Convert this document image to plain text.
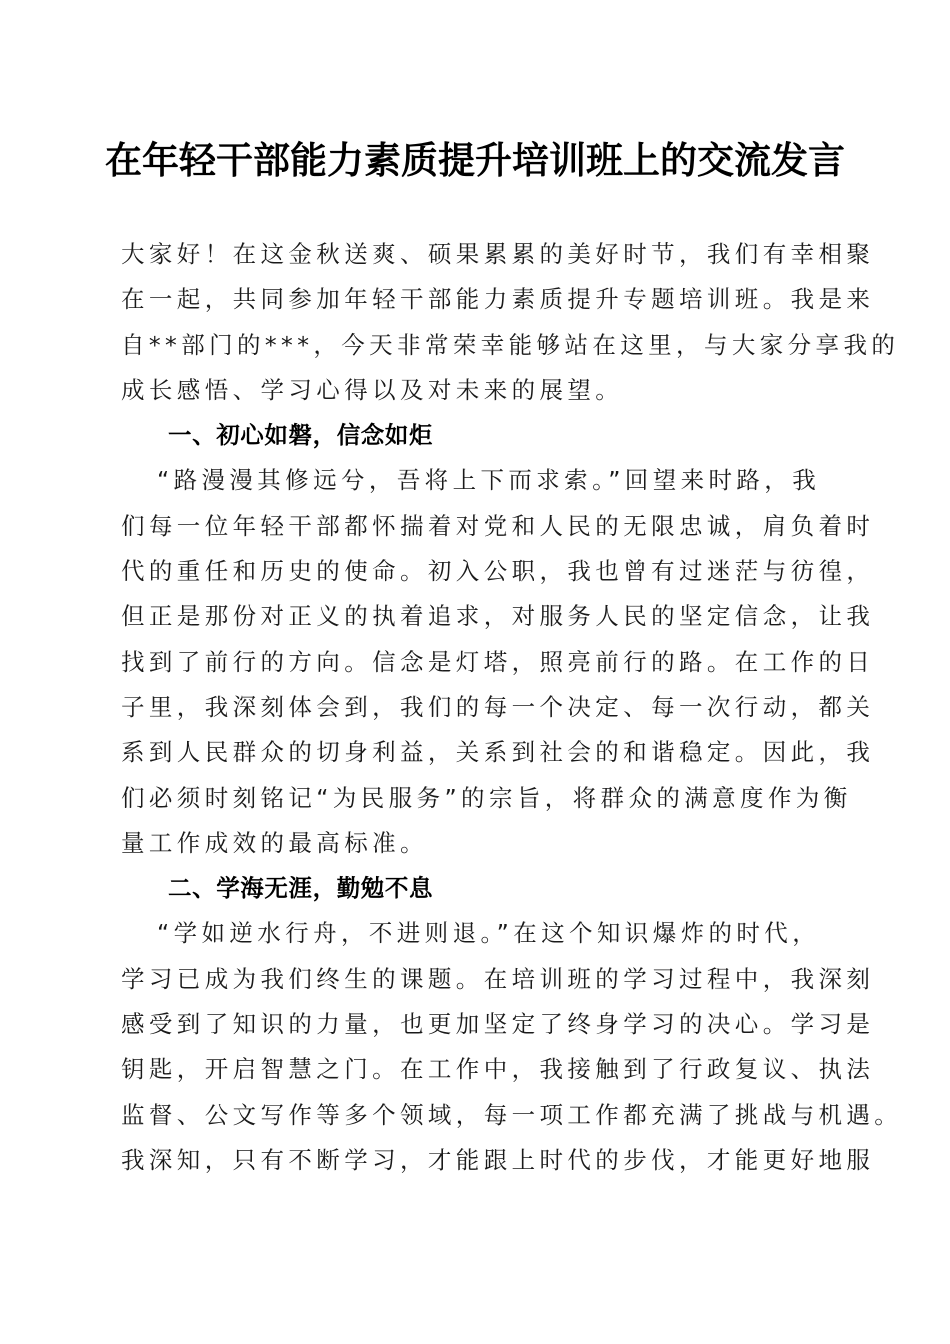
在年轻干部能力素质提升培训班上的交流发言
大家好！在这金秋送爽、硕果累累的美好时节，我们有幸相聚
在一起，共同参加年轻干部能力素质提升专题培训班。我是来
自**部门的***，今天非常荣幸能够站在这里，与大家分享我的
成长感悟、学习心得以及对未来的展望。
一、初心如磐，信念如炬
“路漫漫其修远兮，吾将上下而求索。”回望来时路，我
们每一位年轻干部都怀揣着对党和人民的无限忠诚，肩负着时
代的重任和历史的使命。初入公职，我也曾有过迷茫与彷徨，
但正是那份对正义的执着追求，对服务人民的坚定信念，让我
找到了前行的方向。信念是灯塔，照亮前行的路。在工作的日
子里，我深刻体会到，我们的每一个决定、每一次行动，都关
系到人民群众的切身利益，关系到社会的和谐稳定。因此，我
们必须时刻铭记“为民服务”的宗旨，将群众的满意度作为衡
量工作成效的最高标准。
二、学海无涯，勤勉不息
“学如逆水行舟，不进则退。”在这个知识爆炸的时代，
学习已成为我们终生的课题。在培训班的学习过程中，我深刻
感受到了知识的力量，也更加坚定了终身学习的决心。学习是
钥匙，开启智慧之门。在工作中，我接触到了行政复议、执法
监督、公文写作等多个领域，每一项工作都充满了挑战与机遇。
我深知，只有不断学习，才能跟上时代的步伐，才能更好地服
